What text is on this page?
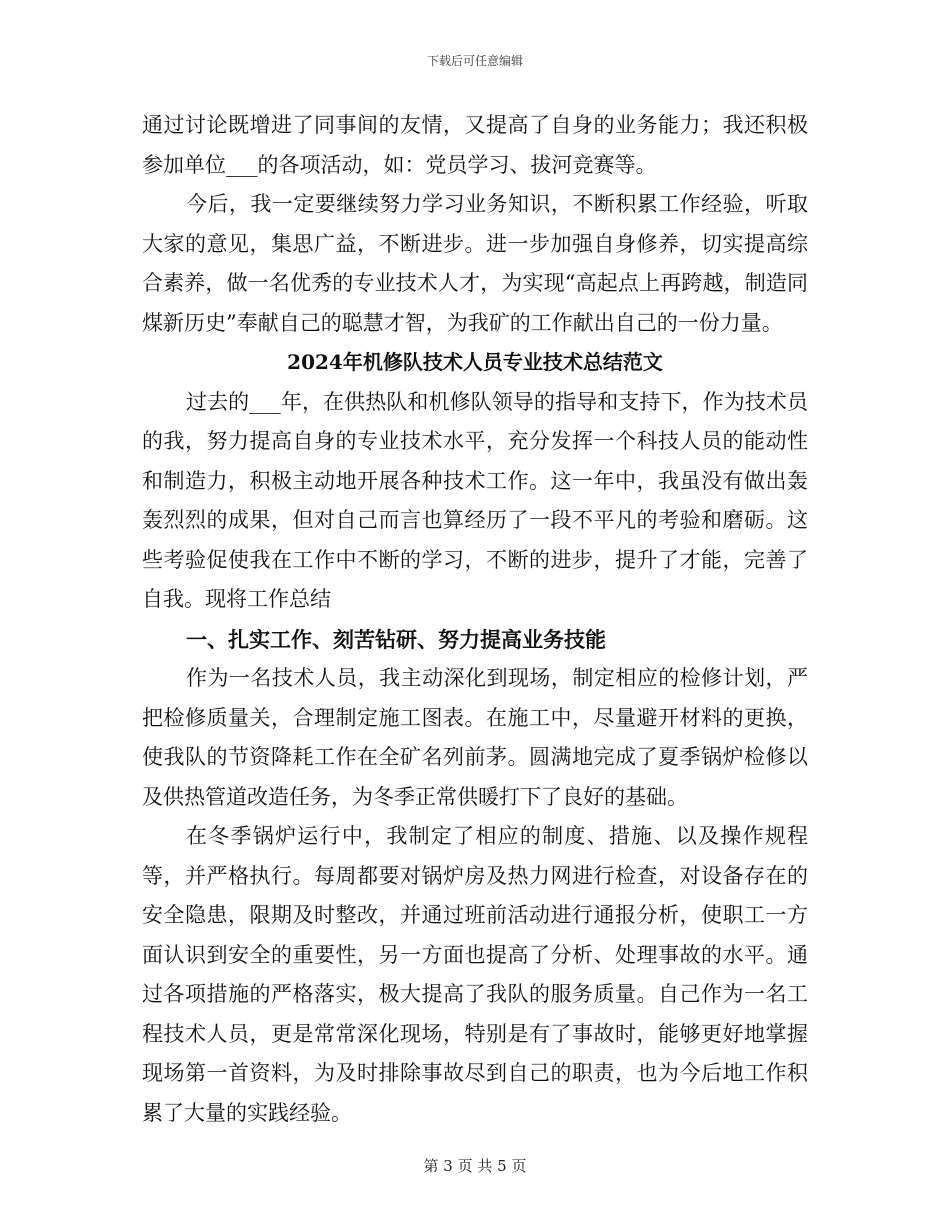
下载后可任意编辑

通过讨论既增进了同事间的友情，又提高了自身的业务能力；我还积极参加单位___的各项活动，如：党员学习、拔河竞赛等。

今后，我一定要继续努力学习业务知识，不断积累工作经验，听取大家的意见，集思广益，不断进步。进一步加强自身修养，切实提高综合素养，做一名优秀的专业技术人才，为实现“高起点上再跨越，制造同煤新历史”奉献自己的聪慧才智，为我矿的工作献出自己的一份力量。

2024年机修队技术人员专业技术总结范文

过去的___年，在供热队和机修队领导的指导和支持下，作为技术员的我，努力提高自身的专业技术水平，充分发挥一个科技人员的能动性和制造力，积极主动地开展各种技术工作。这一年中，我虽没有做出轰轰烈烈的成果，但对自己而言也算经历了一段不平凡的考验和磨砺。这些考验促使我在工作中不断的学习，不断的进步，提升了才能，完善了自我。现将工作总结

一、扎实工作、刻苦钻研、努力提高业务技能

作为一名技术人员，我主动深化到现场，制定相应的检修计划，严把检修质量关，合理制定施工图表。在施工中，尽量避开材料的更换，使我队的节资降耗工作在全矿名列前茅。圆满地完成了夏季锅炉检修以及供热管道改造任务，为冬季正常供暖打下了良好的基础。

在冬季锅炉运行中，我制定了相应的制度、措施、以及操作规程等，并严格执行。每周都要对锅炉房及热力网进行检查，对设备存在的安全隐患，限期及时整改，并通过班前活动进行通报分析，使职工一方面认识到安全的重要性，另一方面也提高了分析、处理事故的水平。通过各项措施的严格落实，极大提高了我队的服务质量。自己作为一名工程技术人员，更是常常深化现场，特别是有了事故时，能够更好地掌握现场第一首资料，为及时排除事故尽到自己的职责，也为今后地工作积累了大量的实践经验。

第 3 页 共 5 页
